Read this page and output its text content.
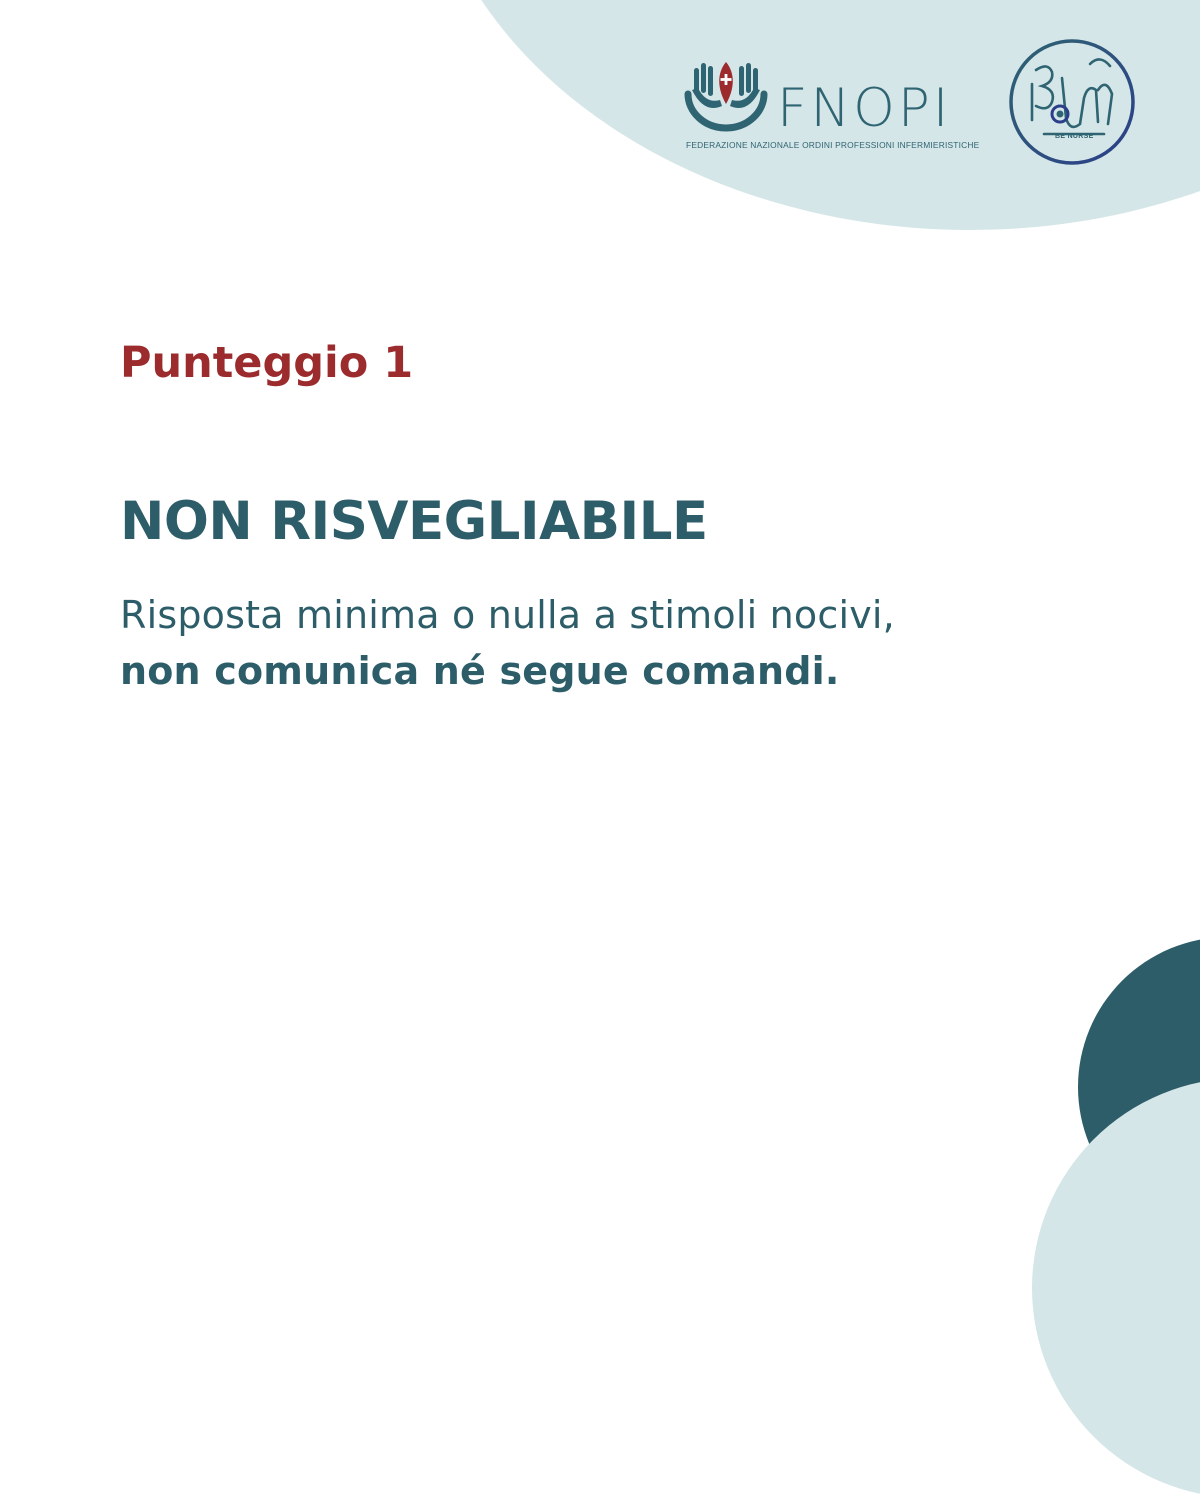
FNOPI
FEDERAZIONE NAZIONALE ORDINI PROFESSIONI INFERMIERISTICHE
BE NURSE
Punteggio 1
NON RISVEGLIABILE

Risposta minima o nulla a stimoli nocivi,
non comunica né segue comandi.
